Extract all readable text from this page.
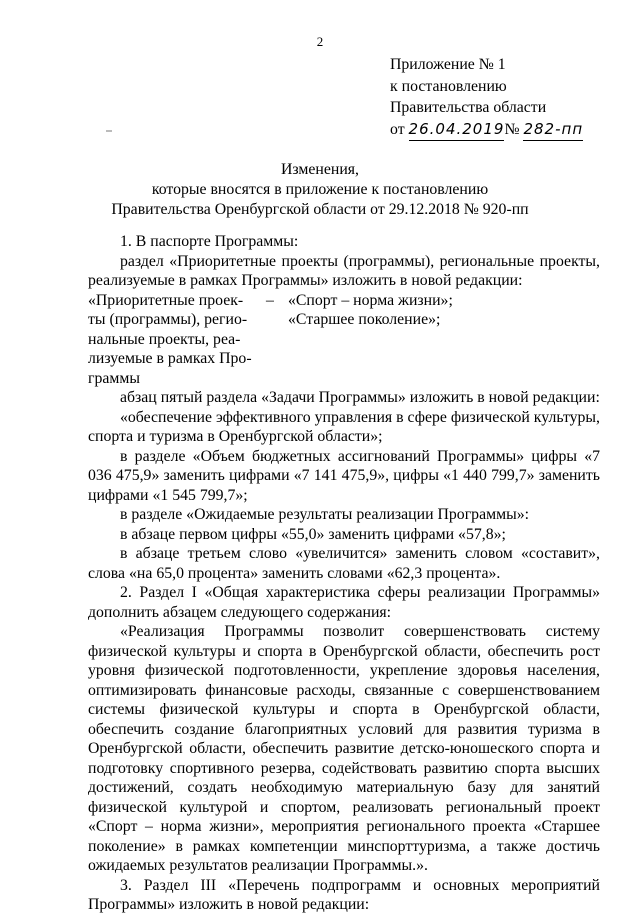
2
Приложение № 1
к постановлению
Правительства области
от 26.04.2019№ 282-пп
Изменения,
которые вносятся в приложение к постановлению
Правительства Оренбургской области от 29.12.2018 № 920-пп

1. В паспорте Программы:

раздел «Приоритетные проекты (программы), региональные проекты, реализуемые в рамках Программы» изложить в новой редакции:

«Приоритетные проек-ты (программы), регио-нальные проекты, реа-лизуемые в рамках Про-граммы
– «Спорт – норма жизни»;
«Старшее поколение»;

абзац пятый раздела «Задачи Программы» изложить в новой редакции:

«обеспечение эффективного управления в сфере физической культуры, спорта и туризма в Оренбургской области»;

в разделе «Объем бюджетных ассигнований Программы» цифры «7 036 475,9» заменить цифрами «7 141 475,9», цифры «1 440 799,7» заменить цифрами «1 545 799,7»;

в разделе «Ожидаемые результаты реализации Программы»:

в абзаце первом цифры «55,0» заменить цифрами «57,8»;

в абзаце третьем слово «увеличится» заменить словом «составит», слова «на 65,0 процента» заменить словами «62,3 процента».

2. Раздел I «Общая характеристика сферы реализации Программы» дополнить абзацем следующего содержания:

«Реализация Программы позволит совершенствовать систему физической культуры и спорта в Оренбургской области, обеспечить рост уровня физической подготовленности, укрепление здоровья населения, оптимизировать финансовые расходы, связанные с совершенствованием системы физической культуры и спорта в Оренбургской области, обеспечить создание благоприятных условий для развития туризма в Оренбургской области, обеспечить развитие детско-юношеского спорта и подготовку спортивного резерва, содействовать развитию спорта высших достижений, создать необходимую материальную базу для занятий физической культурой и спортом, реализовать региональный проект «Спорт – норма жизни», мероприятия регионального проекта «Старшее поколение» в рамках компетенции минспорттуризма, а также достичь ожидаемых результатов реализации Программы.».

3. Раздел III «Перечень подпрограмм и основных мероприятий Программы» изложить в новой редакции:
